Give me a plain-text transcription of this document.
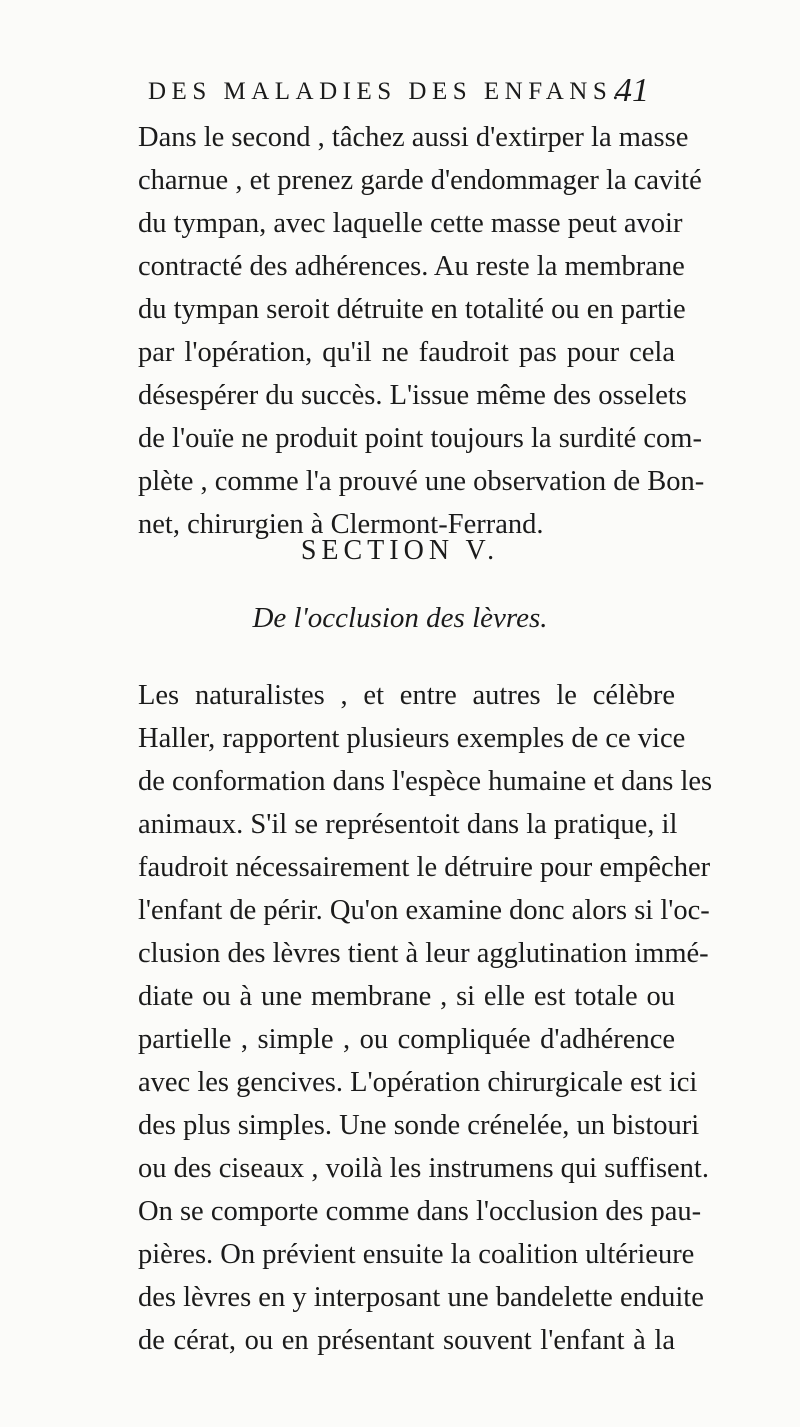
DES MALADIES DES ENFANS.
41
Dans le second , tâchez aussi d'extirper la masse
charnue , et prenez garde d'endommager la cavité
du tympan, avec laquelle cette masse peut avoir
contracté des adhérences. Au reste la membrane
du tympan seroit détruite en totalité ou en partie
par l'opération, qu'il ne faudroit pas pour cela
désespérer du succès. L'issue même des osselets
de l'ouïe ne produit point toujours la surdité com-
plète , comme l'a prouvé une observation de Bon-
net, chirurgien à Clermont-Ferrand.
SECTION V.
De l'occlusion des lèvres.
Les naturalistes , et entre autres le célèbre
Haller, rapportent plusieurs exemples de ce vice
de conformation dans l'espèce humaine et dans les
animaux. S'il se représentoit dans la pratique, il
faudroit nécessairement le détruire pour empêcher
l'enfant de périr. Qu'on examine donc alors si l'oc-
clusion des lèvres tient à leur agglutination immé-
diate ou à une membrane , si elle est totale ou
partielle , simple , ou compliquée d'adhérence
avec les gencives. L'opération chirurgicale est ici
des plus simples. Une sonde crénelée, un bistouri
ou des ciseaux , voilà les instrumens qui suffisent.
On se comporte comme dans l'occlusion des pau-
pières. On prévient ensuite la coalition ultérieure
des lèvres en y interposant une bandelette enduite
de cérat, ou en présentant souvent l'enfant à la
